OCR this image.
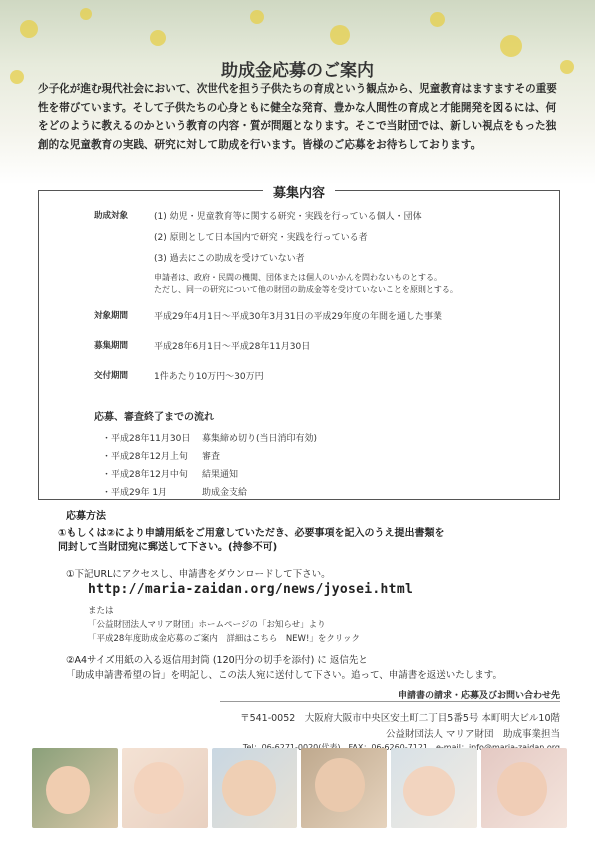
助成金応募のご案内
少子化が進む現代社会において、次世代を担う子供たちの育成という観点から、児童教育はますますその重要性を帯びています。そして子供たちの心身ともに健全な発育、豊かな人間性の育成と才能開発を図るには、何をどのように教えるのかという教育の内容・質が問題となります。そこで当財団では、新しい視点をもった独創的な児童教育の実践、研究に対して助成を行います。皆様のご応募をお待ちしております。
募集内容
助成対象	(1) 幼児・児童教育等に関する研究・実践を行っている個人・団体
(2) 原則として日本国内で研究・実践を行っている者
(3) 過去にこの助成を受けていない者
申請者は、政府・民間の機関、団体または個人のいかんを問わないものとする。
ただし、同一の研究について他の財団の助成金等を受けていないことを原則とする。
対象期間	平成29年4月1日〜平成30年3月31日の平成29年度の年間を通した事業
募集期間	平成28年6月1日〜平成28年11月30日
交付期間	1件あたり10万円〜30万円
応募、審査終了までの流れ
・平成28年11月30日 募集締め切り(当日消印有効)
・平成28年12月上旬 審査
・平成28年12月中旬 結果通知
・平成29年 1月	助成金支給
応募方法
①もしくは②により申請用紙をご用意していただき、必要事項を記入のうえ提出書類を
同封して当財団宛に郵送して下さい。(持参不可)
①下記URLにアクセスし、申請書をダウンロードして下さい。
http://maria-zaidan.org/news/jyosei.html
または
「公益財団法人マリア財団」ホームページの「お知らせ」より
「平成28年度助成金応募のご案内　詳細はこちら　NEW!」をクリック
②A4サイズ用紙の入る返信用封筒 (120円分の切手を添付) に 返信先と
「助成申請書希望の旨」を明記し、この法人宛に送付して下さい。追って、申請書を返送いたします。
申請書の請求・応募及びお問い合わせ先
〒541-0052　大阪府大阪市中央区安土町二丁目5番5号 本町明大ビル10階
公益財団法人 マリア財団　助成事業担当
　FAX：06-6260-7121　
